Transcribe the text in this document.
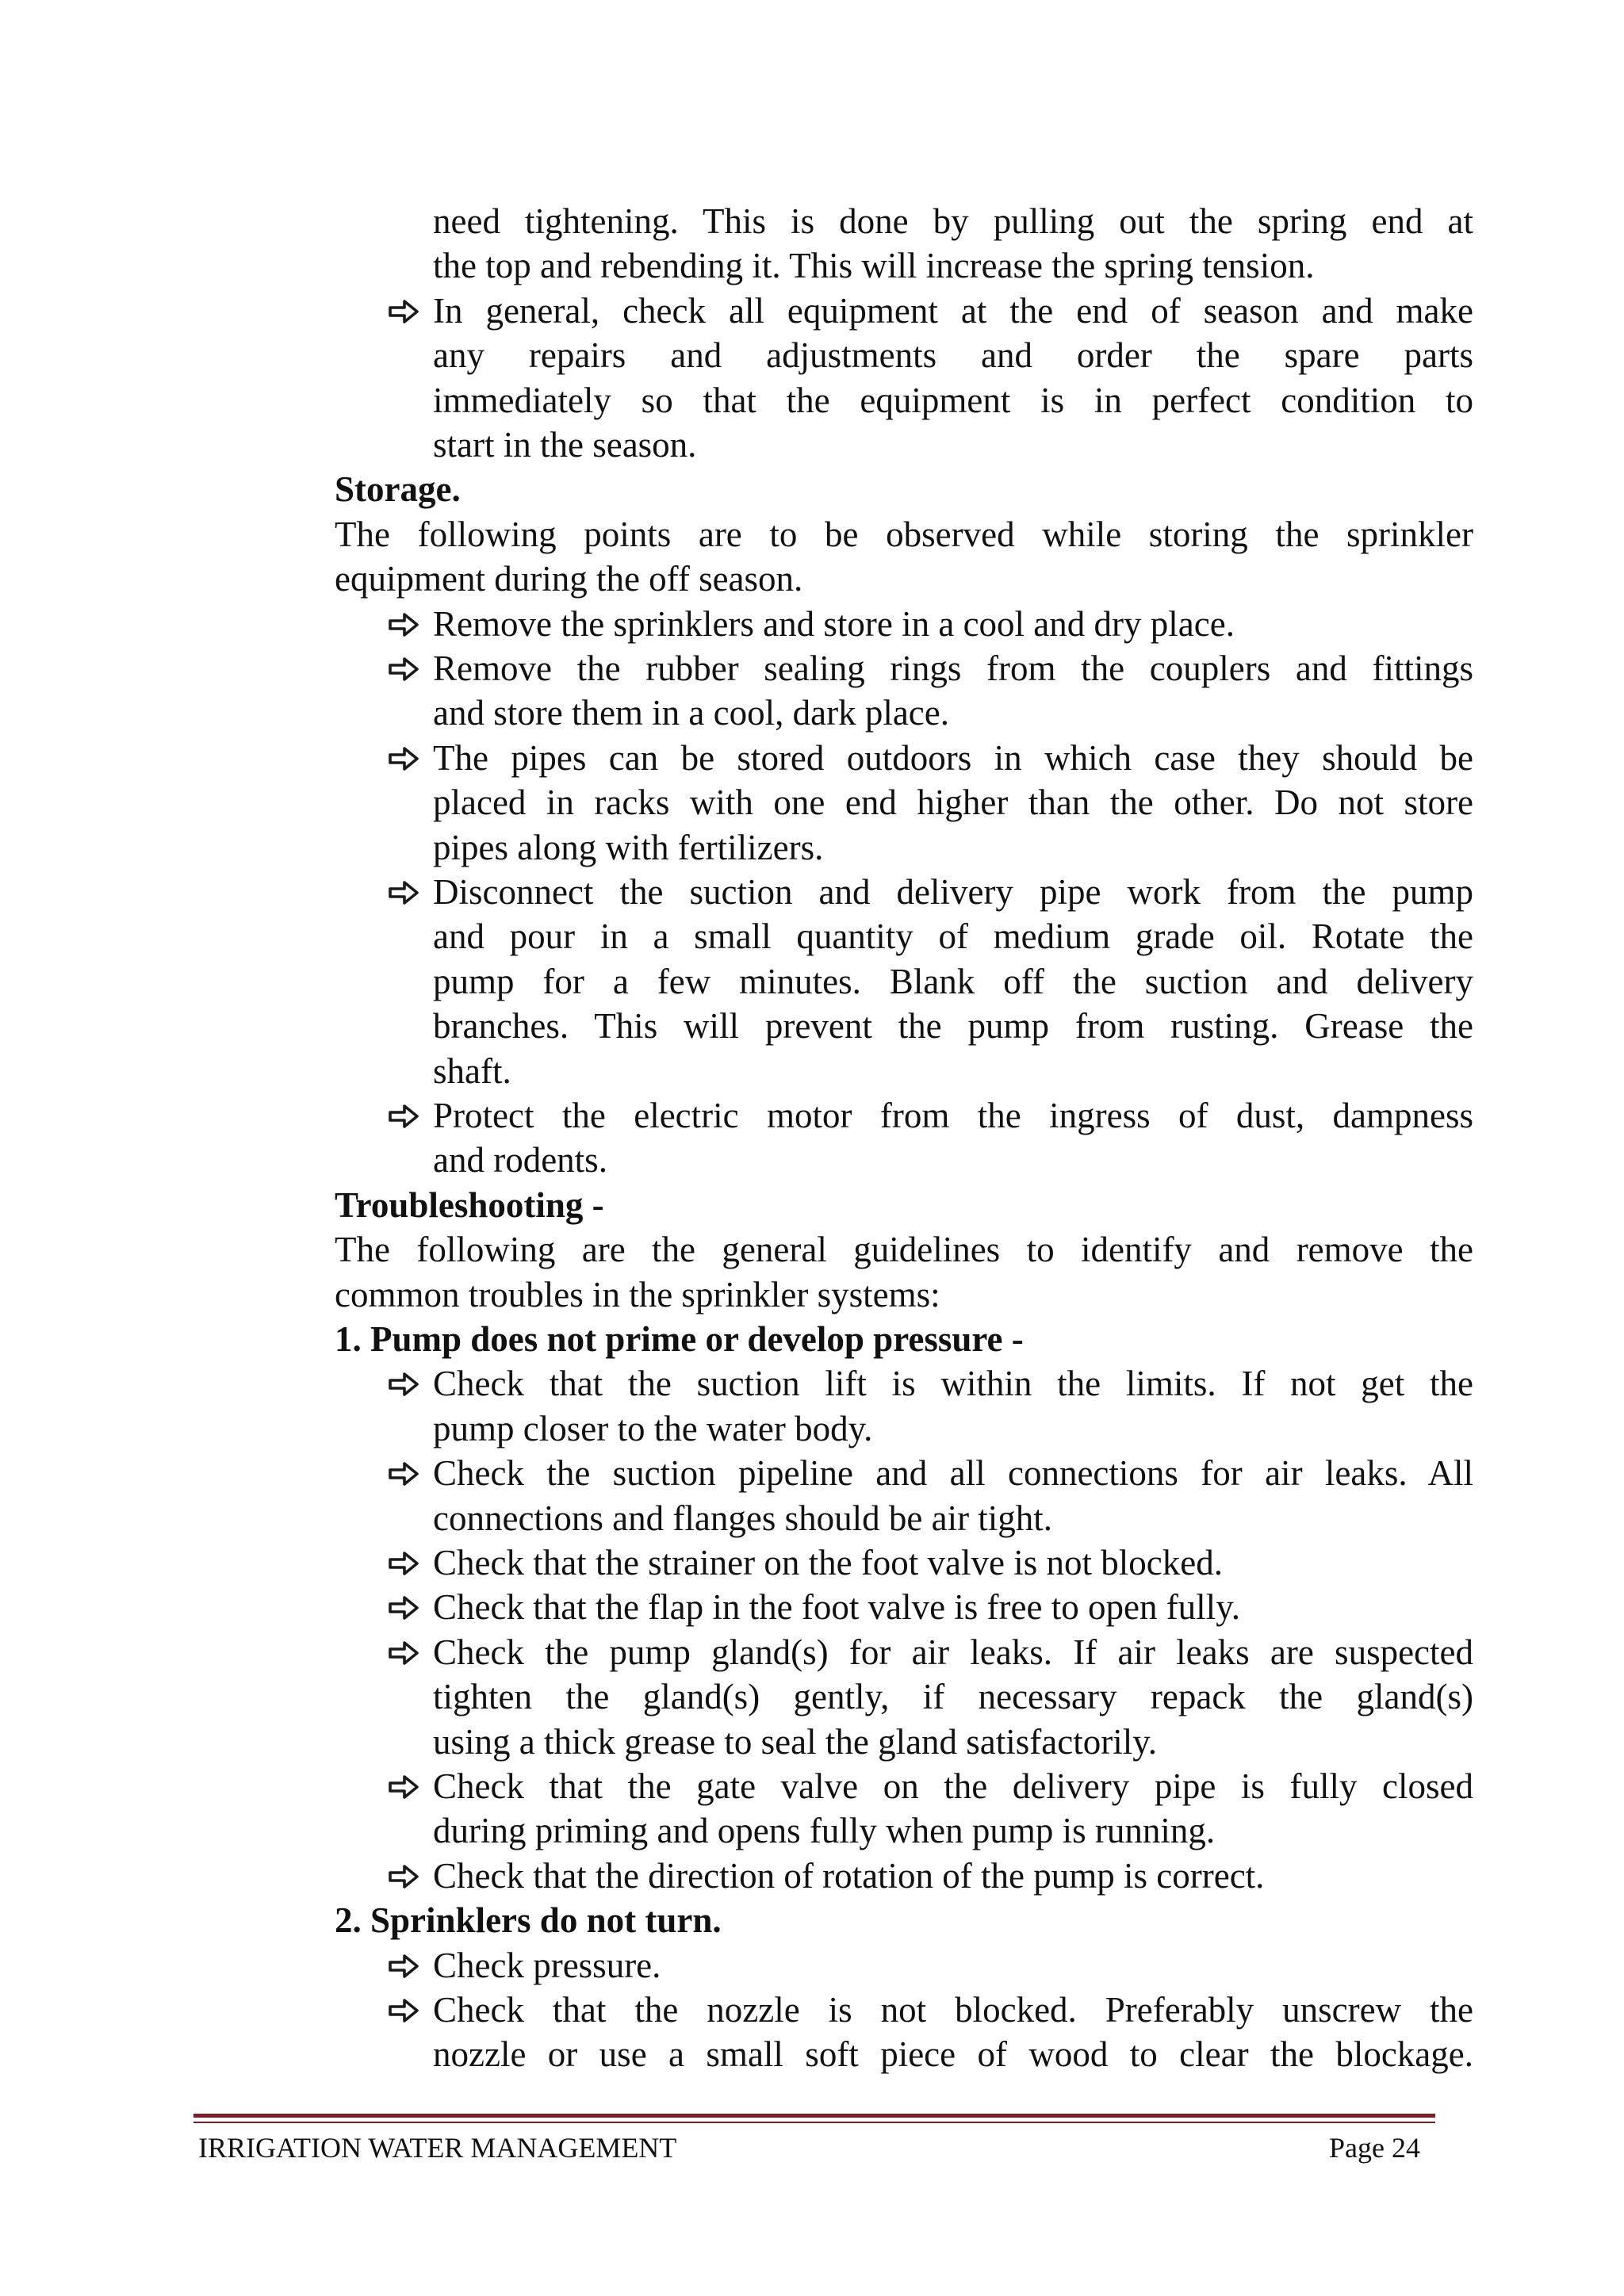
need tightening. This is done by pulling out the spring end at
the top and rebending it. This will increase the spring tension.
In general, check all equipment at the end of season and make
any repairs and adjustments and order the spare parts
immediately so that the equipment is in perfect condition to
start in the season.
Storage.
The following points are to be observed while storing the sprinkler
equipment during the off season.
Remove the sprinklers and store in a cool and dry place.
Remove the rubber sealing rings from the couplers and fittings
and store them in a cool, dark place.
The pipes can be stored outdoors in which case they should be
placed in racks with one end higher than the other. Do not store
pipes along with fertilizers.
Disconnect the suction and delivery pipe work from the pump
and pour in a small quantity of medium grade oil. Rotate the
pump for a few minutes. Blank off the suction and delivery
branches. This will prevent the pump from rusting. Grease the
shaft.
Protect the electric motor from the ingress of dust, dampness
and rodents.
Troubleshooting -
The following are the general guidelines to identify and remove the
common troubles in the sprinkler systems:
1. Pump does not prime or develop pressure -
Check that the suction lift is within the limits. If not get the
pump closer to the water body.
Check the suction pipeline and all connections for air leaks. All
connections and flanges should be air tight.
Check that the strainer on the foot valve is not blocked.
Check that the flap in the foot valve is free to open fully.
Check the pump gland(s) for air leaks. If air leaks are suspected
tighten the gland(s) gently, if necessary repack the gland(s)
using a thick grease to seal the gland satisfactorily.
Check that the gate valve on the delivery pipe is fully closed
during priming and opens fully when pump is running.
Check that the direction of rotation of the pump is correct.
2. Sprinklers do not turn.
Check pressure.
Check that the nozzle is not blocked. Preferably unscrew the
nozzle or use a small soft piece of wood to clear the blockage.
IRRIGATION WATER MANAGEMENT	Page 24
